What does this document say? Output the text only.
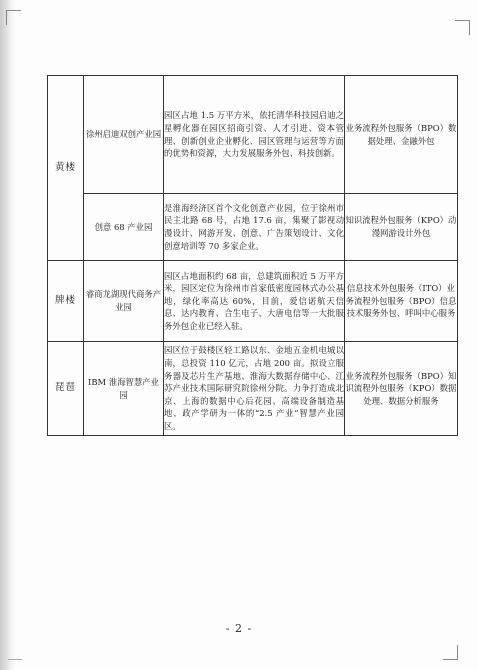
黄楼	徐州启迪双创产业园	园区占地 1.5 万平方米，依托清华科技园启迪之星孵化器在园区招商引资、人才引进、资本管理、创新创业企业孵化、园区管理与运营等方面的优势和资源，大力发展服务外包、科技创新。	业务流程外包服务（BPO）数据处理、金融外包

	创意 68 产业园	是淮海经济区首个文化创意产业园，位于徐州市民主北路 68 号，占地 17.6 亩，集聚了影视动漫设计、网游开发、创意、广告策划设计、文化创意培训等 70 多家企业。	知识流程外包服务（KPO）动漫网游设计外包

牌楼	睿商龙湖现代商务产业园	园区占地面积约 68 亩，总建筑面积近 5 万平方米，园区定位为徐州市首家低密度园林式办公基地，绿化率高达 60%，目前，爱信诺航天信息、达内教育、合生电子、大唐电信等一大批服务外包企业已经入驻。	信息技术外包服务（ITO）业务流程外包服务（BPO）信息技术服务外包、呼叫中心服务

琵琶	IBM 淮海智慧产业园	园区位于鼓楼区轻工路以东、金地五金机电城以南，总投资 110 亿元，占地 200 亩。拟设立服务器及芯片生产基地、淮海大数据存储中心、江苏产业技术国际研究院徐州分院。力争打造成北京、上海的数据中心后花园、高端设备制造基地、政产学研为一体的“2.5 产业”智慧产业园区。	业务流程外包服务（BPO）知识流程外包服务（KPO）数据处理、数据分析服务
- 2 -
